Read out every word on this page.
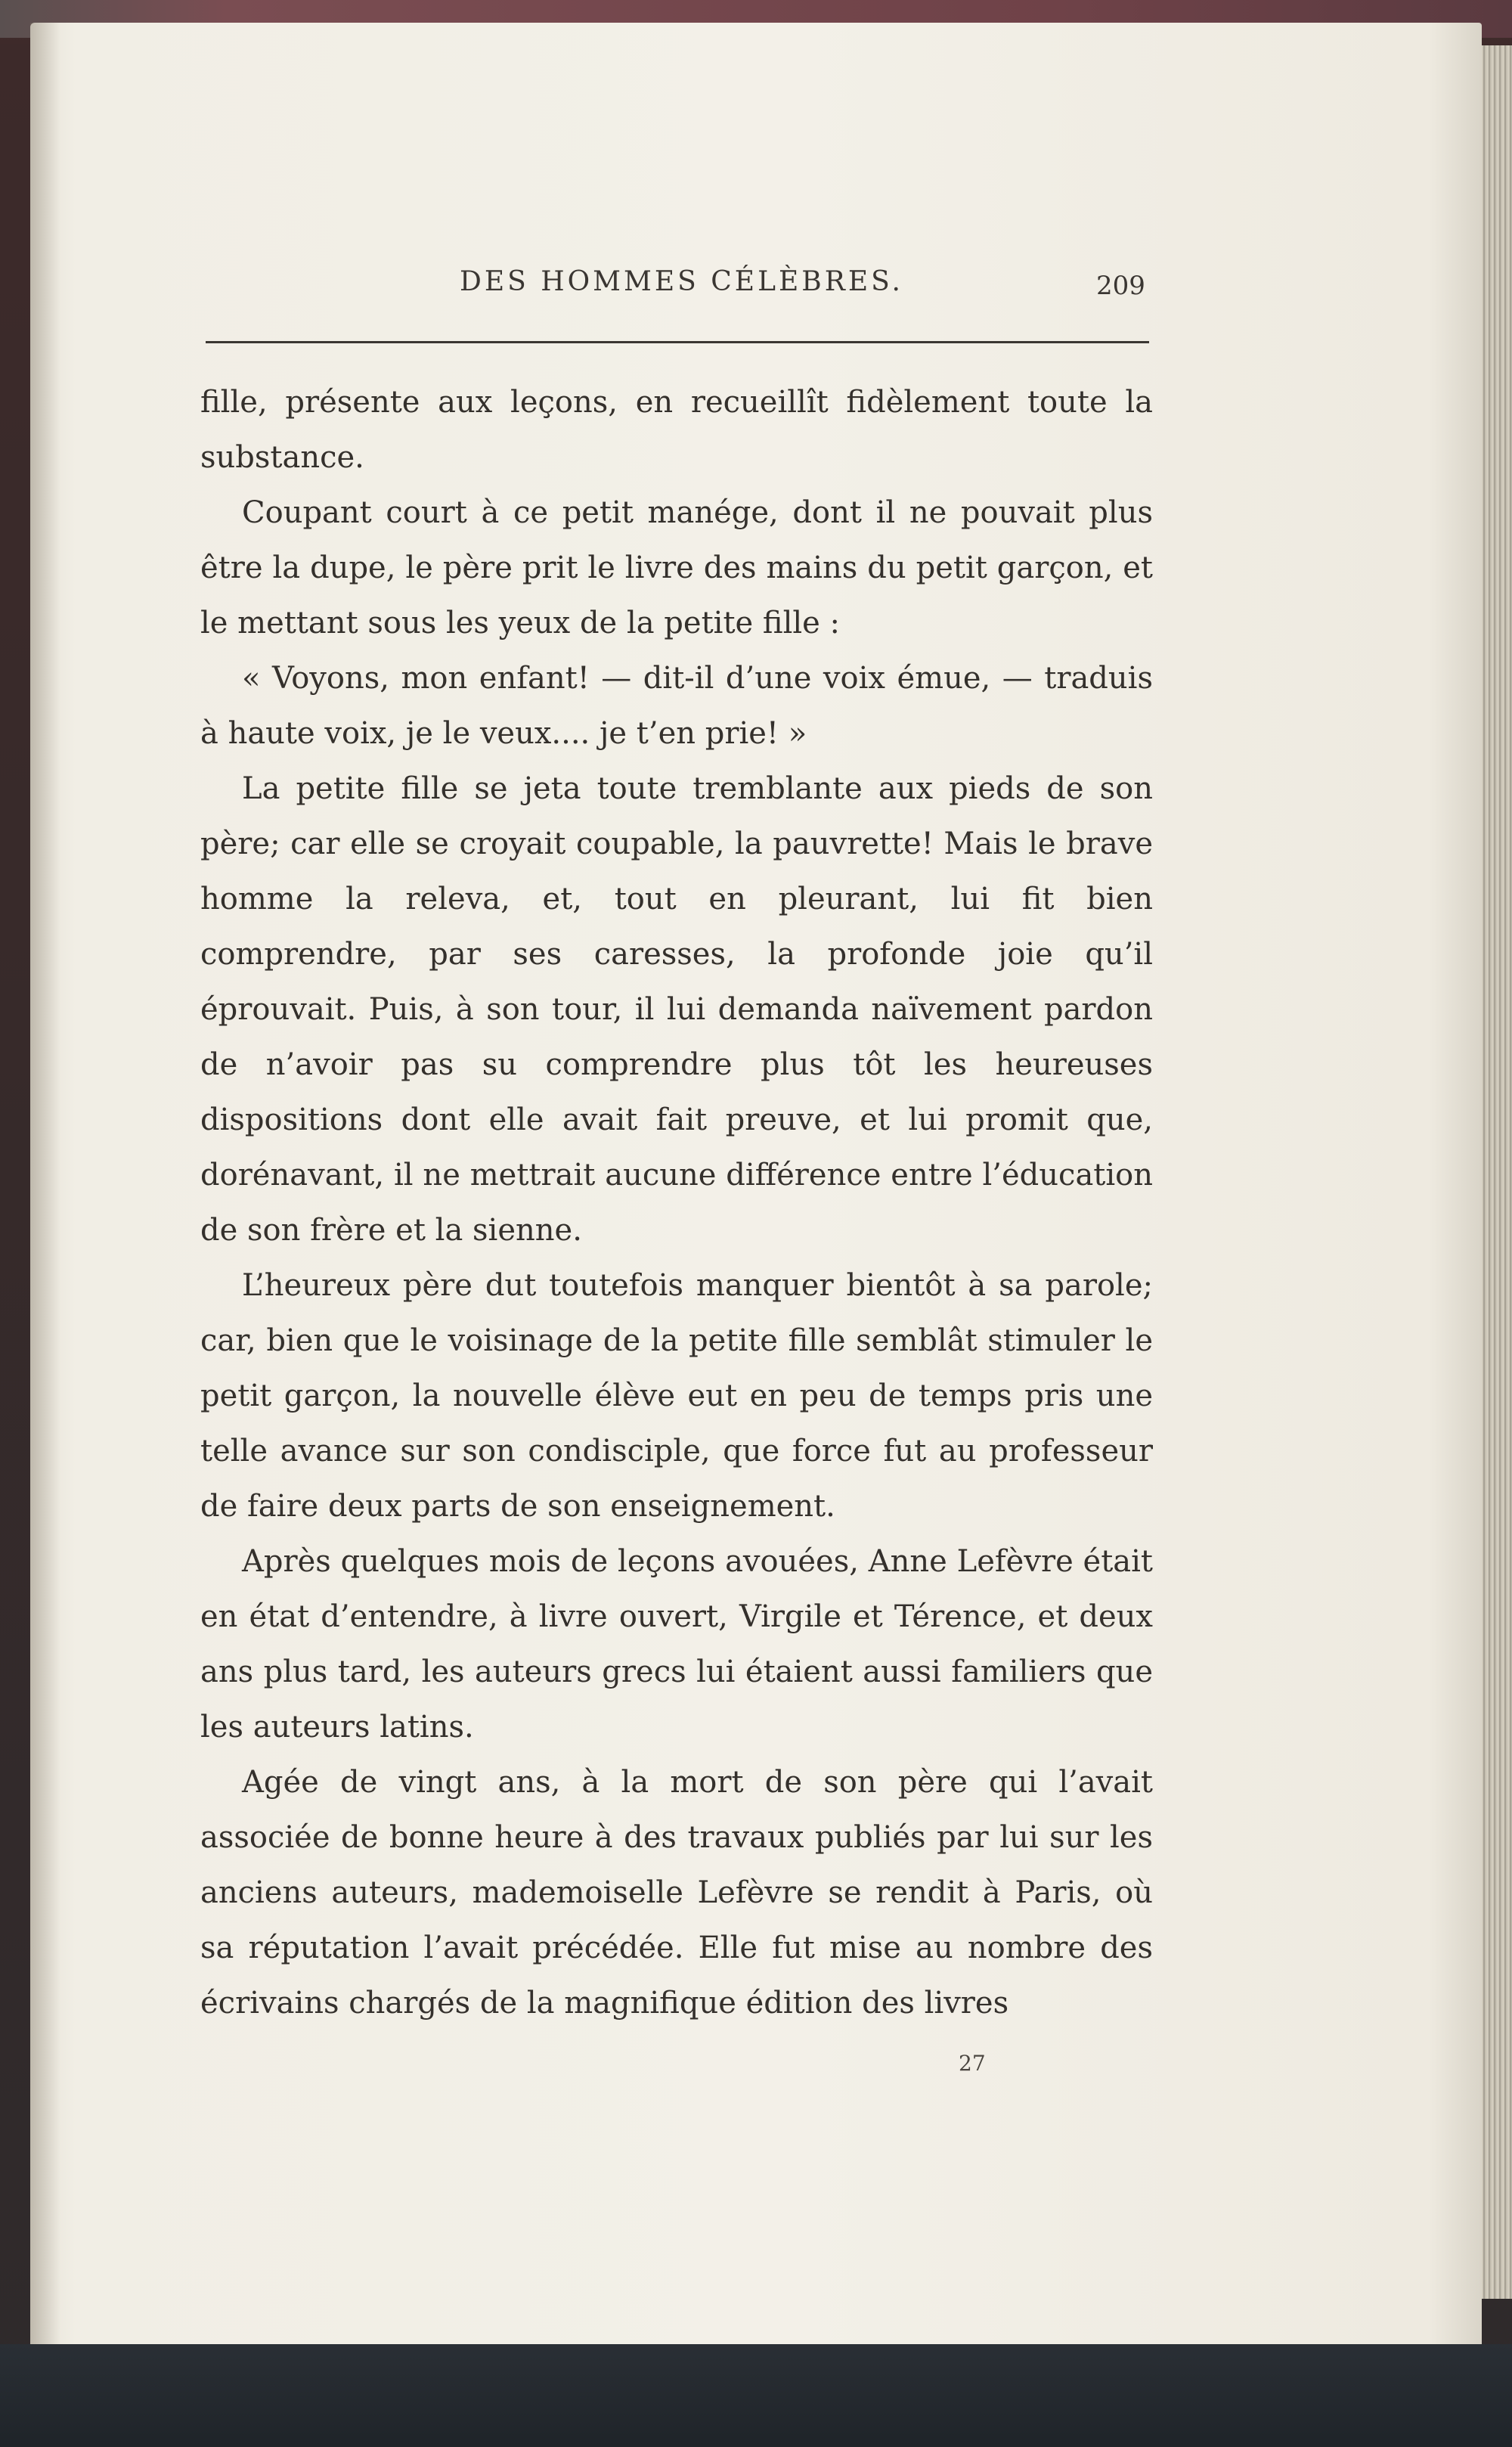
DES HOMMES CÉLÈBRES.	209

fille, présente aux leçons, en recueillît fidèlement toute la substance.

Coupant court à ce petit manége, dont il ne pouvait plus être la dupe, le père prit le livre des mains du petit garçon, et le mettant sous les yeux de la petite fille :

« Voyons, mon enfant! — dit-il d’une voix émue, — traduis à haute voix, je le veux.... je t’en prie! »

La petite fille se jeta toute tremblante aux pieds de son père; car elle se croyait coupable, la pauvrette! Mais le brave homme la releva, et, tout en pleurant, lui fit bien comprendre, par ses caresses, la profonde joie qu’il éprouvait. Puis, à son tour, il lui demanda naïvement pardon de n’avoir pas su comprendre plus tôt les heureuses dispositions dont elle avait fait preuve, et lui promit que, dorénavant, il ne mettrait aucune différence entre l’éducation de son frère et la sienne.

L’heureux père dut toutefois manquer bientôt à sa parole; car, bien que le voisinage de la petite fille semblât stimuler le petit garçon, la nouvelle élève eut en peu de temps pris une telle avance sur son condisciple, que force fut au professeur de faire deux parts de son enseignement.

Après quelques mois de leçons avouées, Anne Lefèvre était en état d’entendre, à livre ouvert, Virgile et Térence, et deux ans plus tard, les auteurs grecs lui étaient aussi familiers que les auteurs latins.

Agée de vingt ans, à la mort de son père qui l’avait associée de bonne heure à des travaux publiés par lui sur les anciens auteurs, mademoiselle Lefèvre se rendit à Paris, où sa réputation l’avait précédée. Elle fut mise au nombre des écrivains chargés de la magnifique édition des livres

27
